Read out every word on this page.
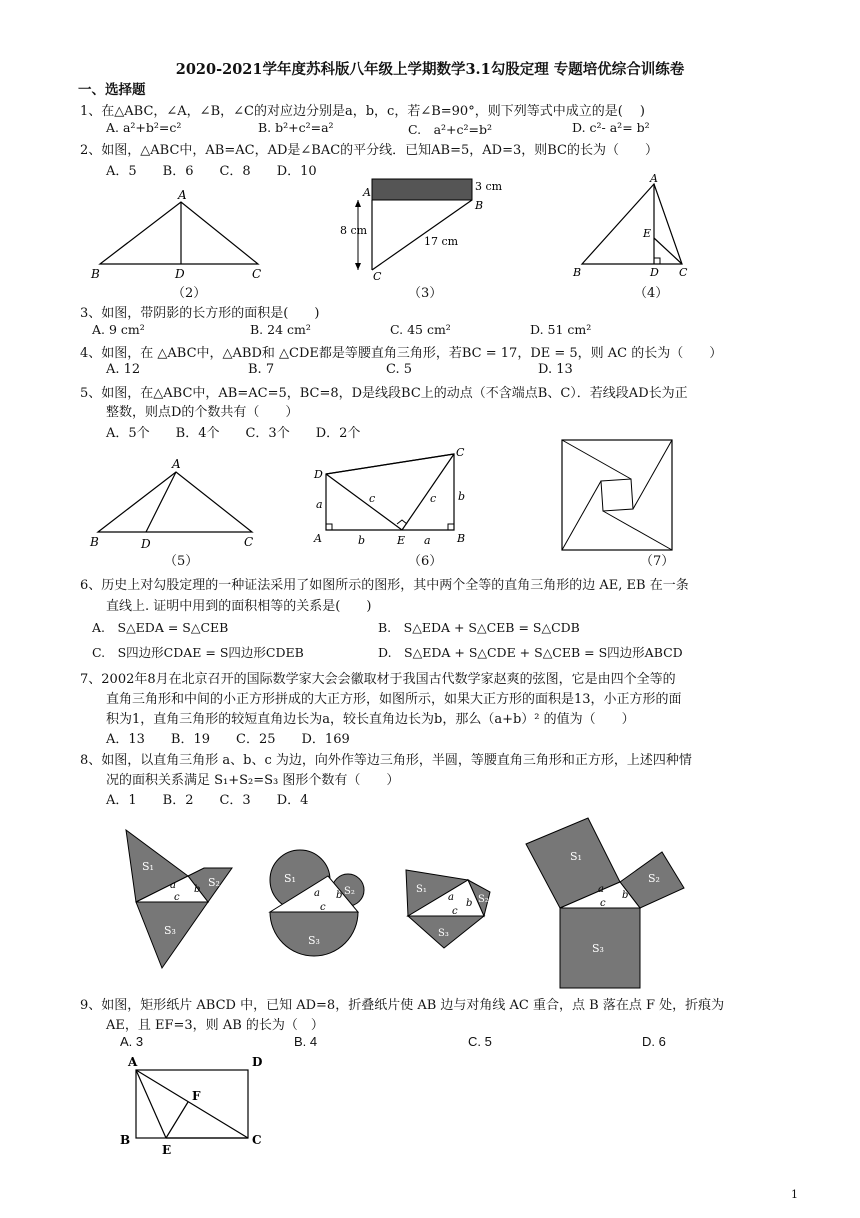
2020-2021学年度苏科版八年级上学期数学3.1勾股定理 专题培优综合训练卷
一、选择题
1、在△ABC，∠A，∠B，∠C的对应边分别是a，b，c，若∠B=90°，则下列等式中成立的是(　 )
A. a²+b²=c²	B. b²+c²=a²	C.　a²+c²=b²	D. c²- a²= b²
2、如图，△ABC中，AB=AC，AD是∠BAC的平分线．已知AB=5，AD=3，则BC的长为（　　）
A．5　　B．6　　C．8　　D．10
A
B	D	C
（2）
A
B
C
3 cm
8 cm
17 cm
（3）
A
B	D C
E
（4）
3、如图，带阴影的长方形的面积是(　　)
A. 9 cm²	B. 24 cm²	C. 45 cm²	D. 51 cm²
4、如图，在 △ABC中，△ABD和 △CDE都是等腰直角三角形，若BC = 17，DE = 5，则 AC 的长为（　　）
A. 12	B. 7	C. 5	D. 13
5、如图，在△ABC中，AB=AC=5，BC=8，D是线段BC上的动点（不含端点B、C）．若线段AD长为正
整数，则点D的个数共有（　　）
A．5个　　B．4个　　C．3个　　D．2个
A
B	D	C
（5）
D
A	E	B
C
a
b
c	c
a
b
（6）	（7）
6、历史上对勾股定理的一种证法采用了如图所示的图形，其中两个全等的直角三角形的边 AE, EB 在一条
直线上. 证明中用到的面积相等的关系是(　　)
A.　S△EDA = S△CEB	B.　S△EDA + S△CEB = S△CDB
C.　S四边形CDAE = S四边形CDEB	D.　S△EDA + S△CDE + S△CEB = S四边形ABCD
7、2002年8月在北京召开的国际数学家大会会徽取材于我国古代数学家赵爽的弦图，它是由四个全等的
直角三角形和中间的小正方形拼成的大正方形，如图所示，如果大正方形的面积是13，小正方形的面
积为1，直角三角形的较短直角边长为a，较长直角边长为b，那么（a+b）² 的值为（　　）
A．13　　B．19　　C．25　　D．169
8、如图，以直角三角形 a、b、c 为边，向外作等边三角形，半圆，等腰直角三角形和正方形，上述四种情
况的面积关系满足 S₁+S₂=S₃ 图形个数有（　　）
A．1　　B．2　　C．3　　D．4
S₁
S₂
S₃
a b
c
S₁
S₂
S₃
a b
c
S₁
S₂
S₃
a
b
c
S₁
S₂
S₃
a
b
c
9、如图，矩形纸片 ABCD 中，已知 AD=8，折叠纸片使 AB 边与对角线 AC 重合，点 B 落在点 F 处，折痕为
AE，且 EF=3，则 AB 的长为（　）
A. 3	B. 4	C. 5	D. 6
A	D
B
E
C
F
1
